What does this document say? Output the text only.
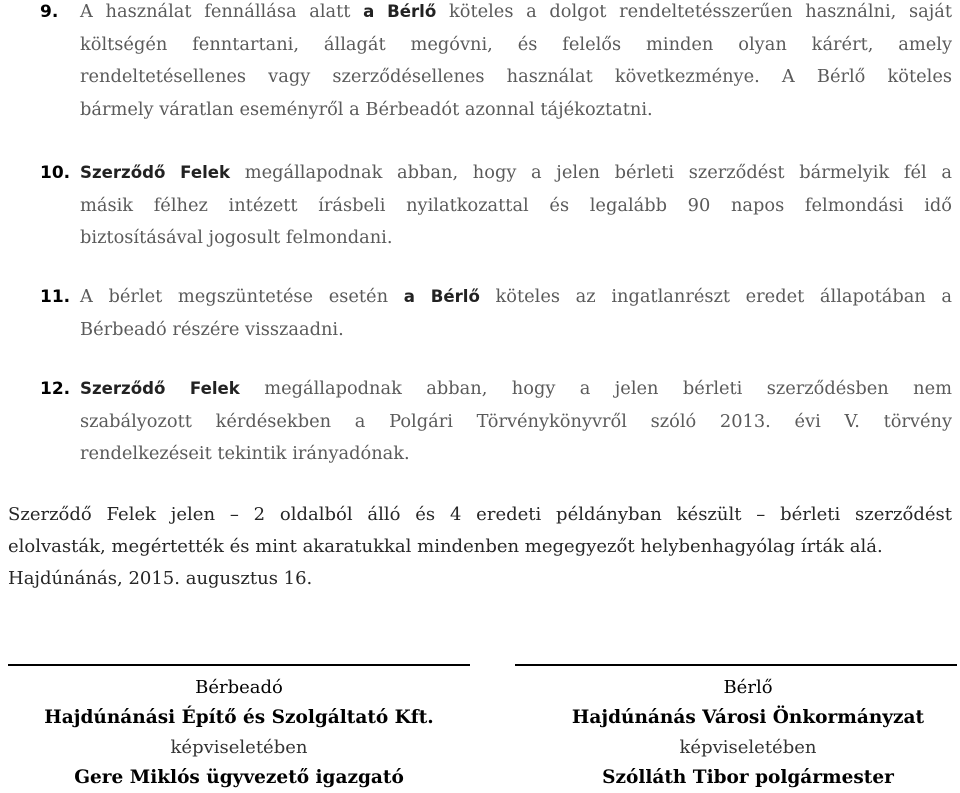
9. A használat fennállása alatt a Bérlő köteles a dolgot rendeltetésszerűen használni, saját
költségén fenntartani, állagát megóvni, és felelős minden olyan kárért, amely
rendeltetésellenes vagy szerződésellenes használat következménye. A Bérlő köteles
bármely váratlan eseményről a Bérbeadót azonnal tájékoztatni.
10. Szerződő Felek megállapodnak abban, hogy a jelen bérleti szerződést bármelyik fél a
másik félhez intézett írásbeli nyilatkozattal és legalább 90 napos felmondási idő
biztosításával jogosult felmondani.
11. A bérlet megszüntetése esetén a Bérlő köteles az ingatlanrészt eredet állapotában a
Bérbeadó részére visszaadni.
12. Szerződő Felek megállapodnak abban, hogy a jelen bérleti szerződésben nem
szabályozott kérdésekben a Polgári Törvénykönyvről szóló 2013. évi V. törvény
rendelkezéseit tekintik irányadónak.
Szerződő Felek jelen – 2 oldalból álló és 4 eredeti példányban készült – bérleti szerződést
elolvasták, megértették és mint akaratukkal mindenben megegyezőt helybenhagyólag írták alá.
Hajdúnánás, 2015. augusztus 16.
Bérbeadó
Hajdúnánási Építő és Szolgáltató Kft.
képviseletében
Gere Miklós ügyvezető igazgató
Bérlő
Hajdúnánás Városi Önkormányzat
képviseletében
Szólláth Tibor polgármester
